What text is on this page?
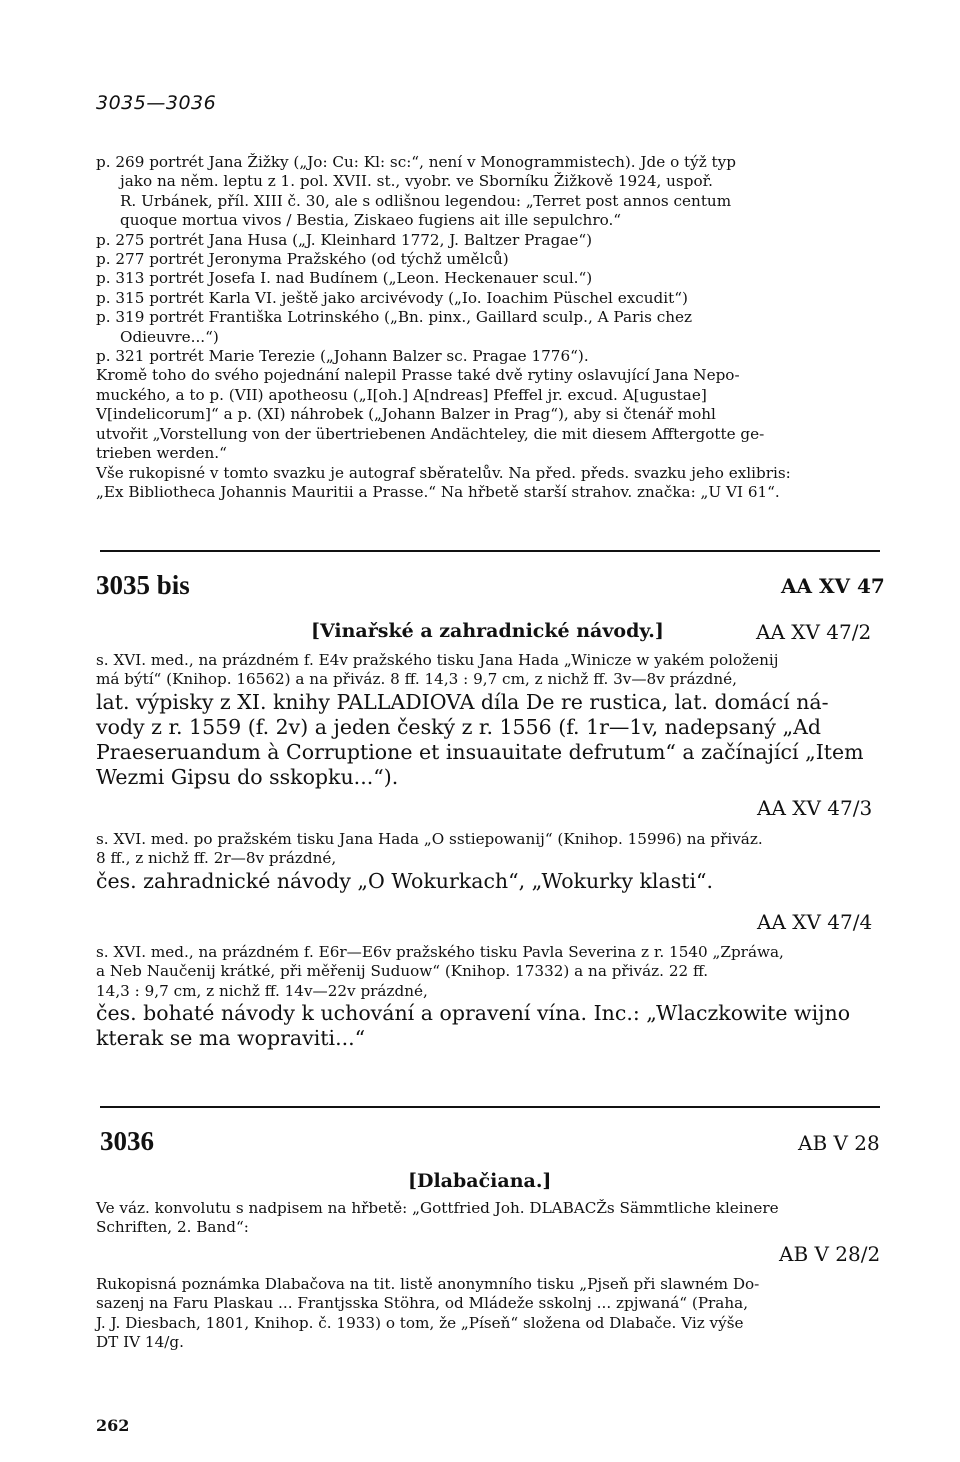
3035—3036
p. 269 portrét Jana Žižky („Jo: Cu: Kl: sc:“, není v Monogrammistech). Jde o týž typ
jako na něm. leptu z 1. pol. XVII. st., vyobr. ve Sborníku Žižkově 1924, uspoř.
R. Urbánek, příl. XIII č. 30, ale s odlišnou legendou: „Terret post annos centum
quoque mortua vivos / Bestia, Ziskaeo fugiens ait ille sepulchro.“
p. 275 portrét Jana Husa („J. Kleinhard 1772, J. Baltzer Pragae“)
p. 277 portrét Jeronyma Pražského (od týchž umělců)
p. 313 portrét Josefa I. nad Budínem („Leon. Heckenauer scul.“)
p. 315 portrét Karla VI. ještě jako arcivévody („Io. Ioachim Püschel excudit“)
p. 319 portrét Františka Lotrinského („Bn. pinx., Gaillard sculp., A Paris chez
Odieuvre...“)
p. 321 portrét Marie Terezie („Johann Balzer sc. Pragae 1776“).
Kromě toho do svého pojednání nalepil Prasse také dvě rytiny oslavující Jana Nepo-
muckého, a to p. (VII) apotheosu („I[oh.] A[ndreas] Pfeffel jr. excud. A[ugustae]
V[indelicorum]“ a p. (XI) náhrobek („Johann Balzer in Prag“), aby si čtenář mohl
utvořit „Vorstellung von der übertriebenen Andächteley, die mit diesem Afftergotte ge-
trieben werden.“
Vše rukopisné v tomto svazku je autograf sběratelův. Na před. předs. svazku jeho exlibris:
„Ex Bibliotheca Johannis Mauritii a Prasse.“ Na hřbetě starší strahov. značka: „U VI 61“.
3035 bis	AA XV 47
[Vinařské a zahradnické návody.]	AA XV 47/2
s. XVI. med., na prázdném f. E4v pražského tisku Jana Hada „Winicze w yakém položenij
má býtí“ (Knihop. 16562) a na přiváz. 8 ff. 14,3 : 9,7 cm, z nichž ff. 3v—8v prázdné,
lat. výpisky z XI. knihy PALLADIOVA díla De re rustica, lat. domácí ná-
vody z r. 1559 (f. 2v) a jeden český z r. 1556 (f. 1r—1v, nadepsaný „Ad
Praeseruandum à Corruptione et insuauitate defrutum“ a začínající „Item
Wezmi Gipsu do sskopku...“).
AA XV 47/3
s. XVI. med. po pražském tisku Jana Hada „O sstiepowanij“ (Knihop. 15996) na přiváz.
8 ff., z nichž ff. 2r—8v prázdné,
čes. zahradnické návody „O Wokurkach“, „Wokurky klasti“.
AA XV 47/4
s. XVI. med., na prázdném f. E6r—E6v pražského tisku Pavla Severina z r. 1540 „Zpráwa,
a Neb Naučenij krátké, při měřenij Suduow“ (Knihop. 17332) a na přiváz. 22 ff.
14,3 : 9,7 cm, z nichž ff. 14v—22v prázdné,
čes. bohaté návody k uchování a opravení vína. Inc.: „Wlaczkowite wijno
kterak se ma wopraviti...“
3036	AB V 28
[Dlabačiana.]
Ve váz. konvolutu s nadpisem na hřbetě: „Gottfried Joh. DLABACŽs Sämmtliche kleinere
Schriften, 2. Band“:
AB V 28/2
Rukopisná poznámka Dlabačova na tit. listě anonymního tisku „Pjseň při slawném Do-
sazenj na Faru Plaskau ... Frantjsska Stöhra, od Mládeže sskolnj ... zpjwaná“ (Praha,
J. J. Diesbach, 1801, Knihop. č. 1933) o tom, že „Píseň“ složena od Dlabače. Viz výše
DT IV 14/g.
262
